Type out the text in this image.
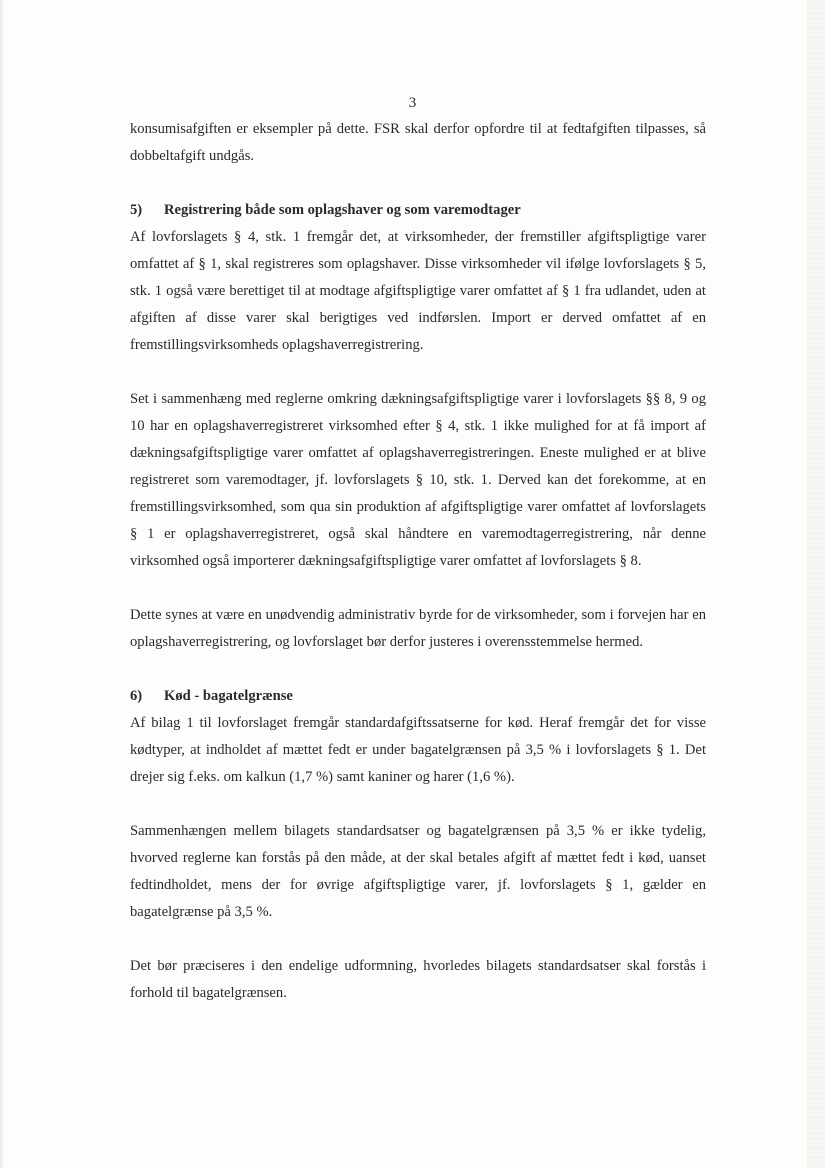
3

konsumisafgiften er eksempler på dette. FSR skal derfor opfordre til at fedtafgiften tilpasses, så dobbeltafgift undgås.

5)	Registrering både som oplagshaver og som varemodtager

Af lovforslagets § 4, stk. 1 fremgår det, at virksomheder, der fremstiller afgiftspligtige varer omfattet af § 1, skal registreres som oplagshaver. Disse virksomheder vil ifølge lovforslagets § 5, stk. 1 også være berettiget til at modtage afgiftspligtige varer omfattet af § 1 fra udlandet, uden at afgiften af disse varer skal berigtiges ved indførslen. Import er derved omfattet af en fremstillingsvirksomheds oplagshaverregistrering.

Set i sammenhæng med reglerne omkring dækningsafgiftspligtige varer i lovforslagets §§ 8, 9 og 10 har en oplagshaverregistreret virksomhed efter § 4, stk. 1 ikke mulighed for at få import af dækningsafgiftspligtige varer omfattet af oplagshaverregistreringen. Eneste mulighed er at blive registreret som varemodtager, jf. lovforslagets § 10, stk. 1. Derved kan det forekomme, at en fremstillingsvirksomhed, som qua sin produktion af afgiftspligtige varer omfattet af lovforslagets § 1 er oplagshaverregistreret, også skal håndtere en varemodtagerregistrering, når denne virksomhed også importerer dækningsafgiftspligtige varer omfattet af lovforslagets § 8.

Dette synes at være en unødvendig administrativ byrde for de virksomheder, som i forvejen har en oplagshaverregistrering, og lovforslaget bør derfor justeres i overensstemmelse hermed.

6)	Kød - bagatelgrænse

Af bilag 1 til lovforslaget fremgår standardafgiftssatserne for kød. Heraf fremgår det for visse kødtyper, at indholdet af mættet fedt er under bagatelgrænsen på 3,5 % i lovforslagets § 1. Det drejer sig f.eks. om kalkun (1,7 %) samt kaniner og harer (1,6 %).

Sammenhængen mellem bilagets standardsatser og bagatelgrænsen på 3,5 % er ikke tydelig, hvorved reglerne kan forstås på den måde, at der skal betales afgift af mættet fedt i kød, uanset fedtindholdet, mens der for øvrige afgiftspligtige varer, jf. lovforslagets § 1, gælder en bagatelgrænse på 3,5 %.

Det bør præciseres i den endelige udformning, hvorledes bilagets standardsatser skal forstås i forhold til bagatelgrænsen.
